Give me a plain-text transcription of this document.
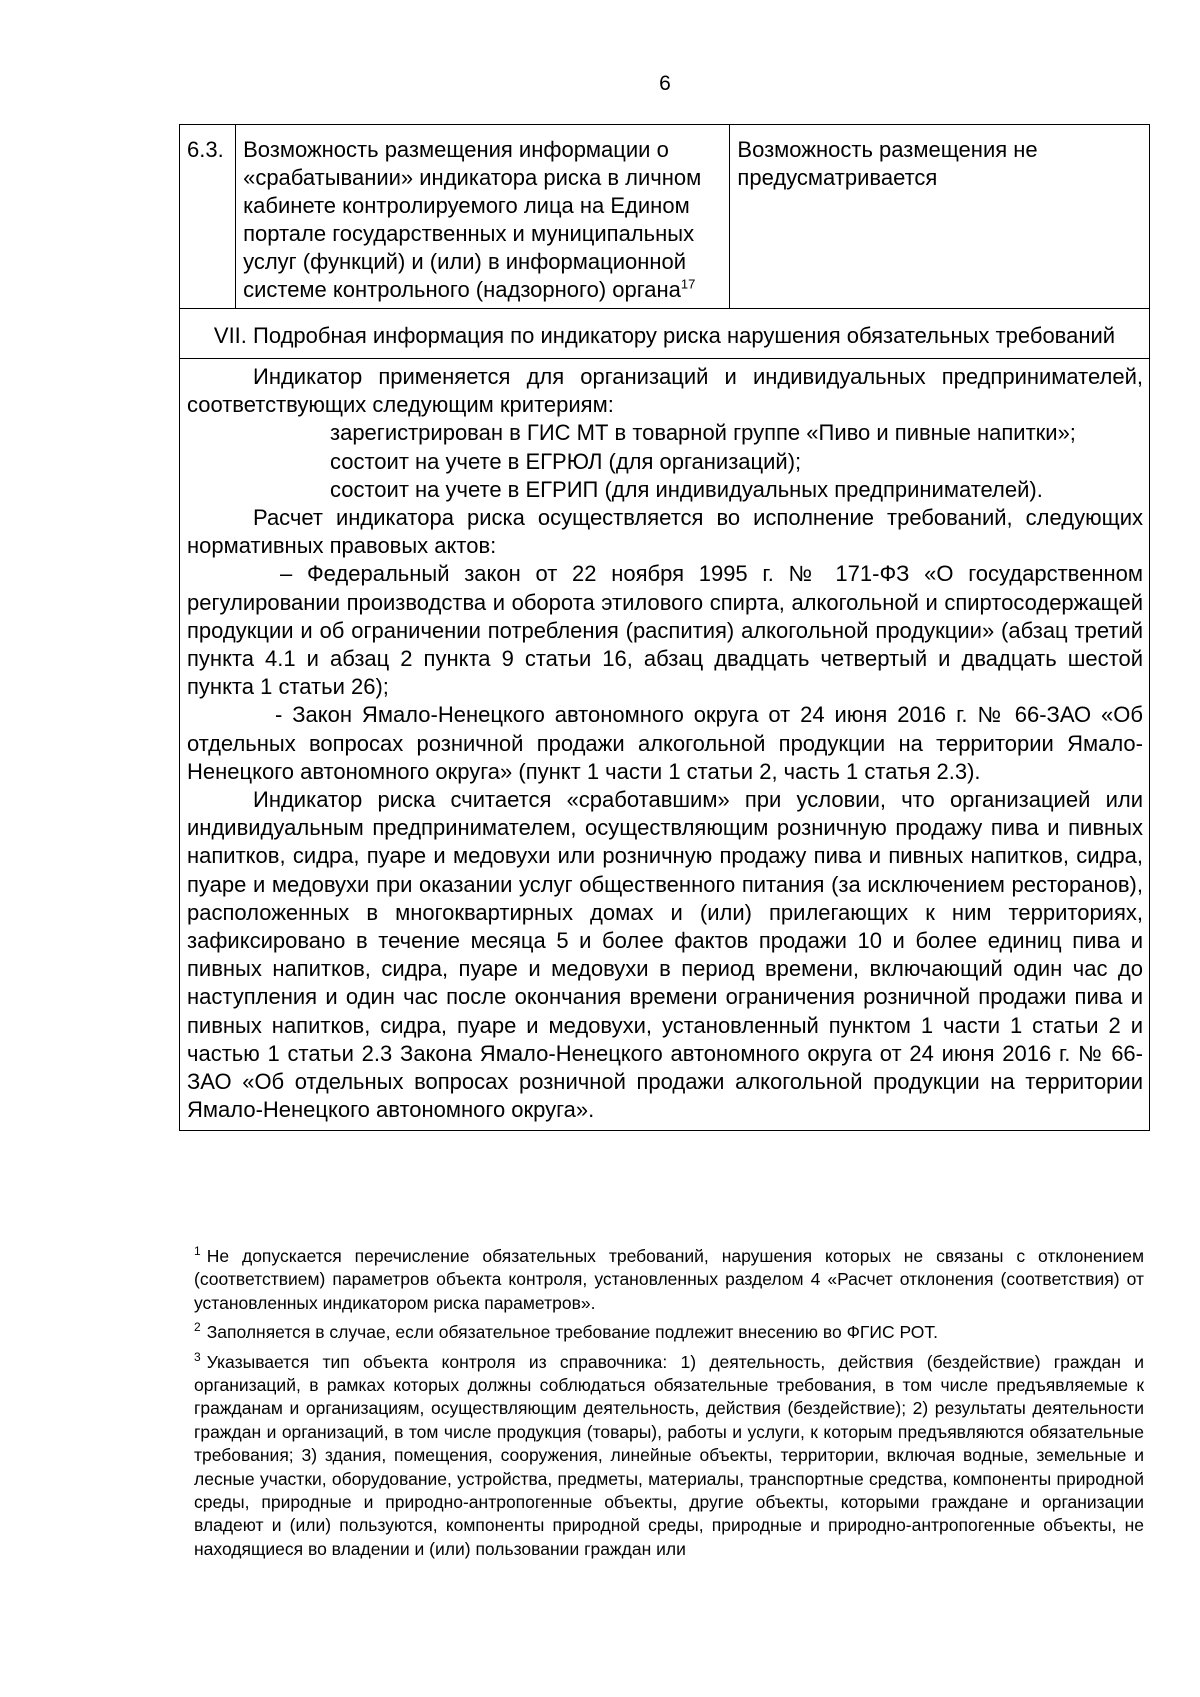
6
6.3.	Возможность размещения информации о «срабатывании» индикатора риска в личном кабинете контролируемого лица на Едином портале государственных и муниципальных услуг (функций) и (или) в информационной системе контрольного (надзорного) органа$^{17}$	Возможность размещения не предусматривается
VII. Подробная информация по индикатору риска нарушения обязательных требований

Индикатор применяется для организаций и индивидуальных предпринимателей, соответствующих следующим критериям:

зарегистрирован в ГИС МТ в товарной группе «Пиво и пивные напитки»;

состоит на учете в ЕГРЮЛ (для организаций);

состоит на учете в ЕГРИП (для индивидуальных предпринимателей).

Расчет индикатора риска осуществляется во исполнение требований, следующих нормативных правовых актов:

– Федеральный закон от 22 ноября 1995 г. № 171-ФЗ «О государственном регулировании производства и оборота этилового спирта, алкогольной и спиртосодержащей продукции и об ограничении потребления (распития) алкогольной продукции» (абзац третий пункта 4.1 и абзац 2 пункта 9 статьи 16, абзац двадцать четвертый и двадцать шестой пункта 1 статьи 26);

- Закон Ямало-Ненецкого автономного округа от 24 июня 2016 г. № 66-ЗАО «Об отдельных вопросах розничной продажи алкогольной продукции на территории Ямало-Ненецкого автономного округа» (пункт 1 части 1 статьи 2, часть 1 статья 2.3).

Индикатор риска считается «сработавшим» при условии, что организацией или индивидуальным предпринимателем, осуществляющим розничную продажу пива и пивных напитков, сидра, пуаре и медовухи или розничную продажу пива и пивных напитков, сидра, пуаре и медовухи при оказании услуг общественного питания (за исключением ресторанов), расположенных в многоквартирных домах и (или) прилегающих к ним территориях, зафиксировано в течение месяца 5 и более фактов продажи 10 и более единиц пива и пивных напитков, сидра, пуаре и медовухи в период времени, включающий один час до наступления и один час после окончания времени ограничения розничной продажи пива и пивных напитков, сидра, пуаре и медовухи, установленный пунктом 1 части 1 статьи 2 и частью 1 статьи 2.3 Закона Ямало-Ненецкого автономного округа от 24 июня 2016 г. № 66-ЗАО «Об отдельных вопросах розничной продажи алкогольной продукции на территории Ямало-Ненецкого автономного округа».

$^1$ Не допускается перечисление обязательных требований, нарушения которых не связаны с отклонением (соответствием) параметров объекта контроля, установленных разделом 4 «Расчет отклонения (соответствия) от установленных индикатором риска параметров».

$^2$ Заполняется в случае, если обязательное требование подлежит внесению во ФГИС РОТ.

$^3$ Указывается тип объекта контроля из справочника: 1) деятельность, действия (бездействие) граждан и организаций, в рамках которых должны соблюдаться обязательные требования, в том числе предъявляемые к гражданам и организациям, осуществляющим деятельность, действия (бездействие); 2) результаты деятельности граждан и организаций, в том числе продукция (товары), работы и услуги, к которым предъявляются обязательные требования; 3) здания, помещения, сооружения, линейные объекты, территории, включая водные, земельные и лесные участки, оборудование, устройства, предметы, материалы, транспортные средства, компоненты природной среды, природные и природно-антропогенные объекты, другие объекты, которыми граждане и организации владеют и (или) пользуются, компоненты природной среды, природные и природно-антропогенные объекты, не находящиеся во владении и (или) пользовании граждан или
